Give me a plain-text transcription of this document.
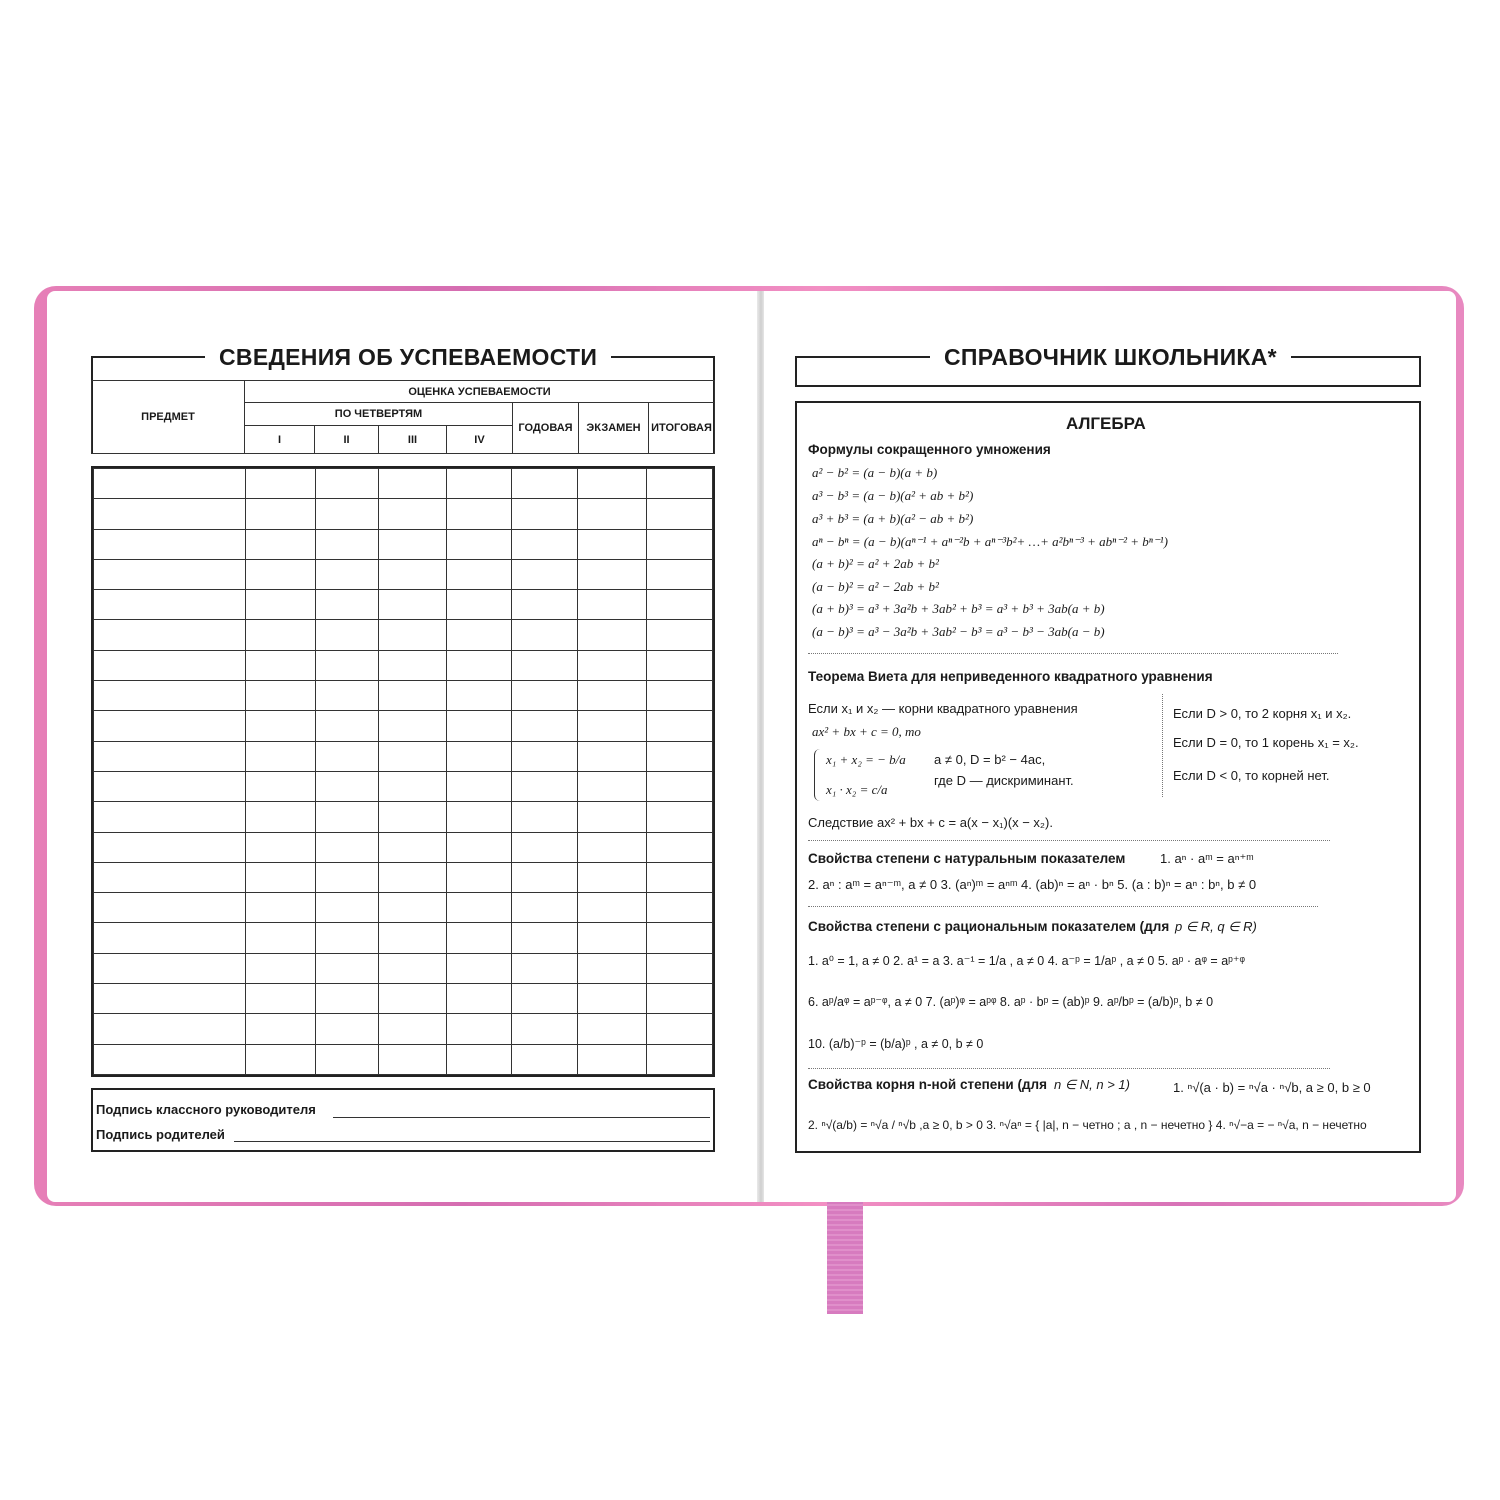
СВЕДЕНИЯ ОБ УСПЕВАЕМОСТИ
ПРЕДМЕТ	ОЦЕНКА УСПЕВАЕМОСТИ						
	ПО ЧЕТВЕРТЯМ				ГОДОВАЯ	ЭКЗАМЕН	ИТОГОВАЯ
	I	II	III	IV			

Подпись классного руководителя
Подпись родителей
СПРАВОЧНИК ШКОЛЬНИКА*
АЛГЕБРА
Формулы сокращенного умножения
a² − b² = (a − b)(a + b)
a³ − b³ = (a − b)(a² + ab + b²)
a³ + b³ = (a + b)(a² − ab + b²)
aⁿ − bⁿ = (a − b)(aⁿ⁻¹ + aⁿ⁻²b + aⁿ⁻³b²+ …+ a²bⁿ⁻³ + abⁿ⁻² + bⁿ⁻¹)
(a + b)² = a² + 2ab + b²
(a − b)² = a² − 2ab + b²
(a + b)³ = a³ + 3a²b + 3ab² + b³ = a³ + b³ + 3ab(a + b)
(a − b)³ = a³ − 3a²b + 3ab² − b³ = a³ − b³ − 3ab(a − b)
Теорема Виета для неприведенного квадратного уравнения
Если x₁ и x₂ — корни квадратного уравнения
ax² + bx + c = 0, то
x₁ + x₂ = − b/a
x₁ · x₂ = c/a
a ≠ 0, D = b² − 4ac,
где D — дискриминант.
Если D > 0, то 2 корня x₁ и x₂.
Если D = 0, то 1 корень x₁ = x₂.
Если D < 0, то корней нет.
Следствие ax² + bx + c = a(x − x₁)(x − x₂).
Свойства степени с натуральным показателем	1. aⁿ · aᵐ = aⁿ⁺ᵐ
2. aⁿ : aᵐ = aⁿ⁻ᵐ, a ≠ 0 3. (aⁿ)ᵐ = aⁿᵐ 4. (ab)ⁿ = aⁿ · bⁿ 5. (a : b)ⁿ = aⁿ : bⁿ, b ≠ 0
Свойства степени с рациональным показателем (для p ∈ R, q ∈ R)
1. a⁰ = 1, a ≠ 0 2. a¹ = a 3. a⁻¹ = 1/a , a ≠ 0 4. a⁻ᵖ = 1/aᵖ , a ≠ 0 5. aᵖ · aᵠ = aᵖ⁺ᵠ
6. aᵖ/aᵠ = aᵖ⁻ᵠ, a ≠ 0 7. (aᵖ)ᵠ = aᵖᵠ 8. aᵖ · bᵖ = (ab)ᵖ 9. aᵖ/bᵖ = (a/b)ᵖ, b ≠ 0
10. (a/b)⁻ᵖ = (b/a)ᵖ , a ≠ 0, b ≠ 0
Свойства корня n-ной степени (для n ∈ N, n > 1)	1. ⁿ√(a · b) = ⁿ√a · ⁿ√b, a ≥ 0, b ≥ 0
2. ⁿ√(a/b) = ⁿ√a / ⁿ√b ,a ≥ 0, b > 0 3. ⁿ√aⁿ = { |a|, n − четно ; a , n − нечетно } 4. ⁿ√−a = − ⁿ√a, n − нечетно
